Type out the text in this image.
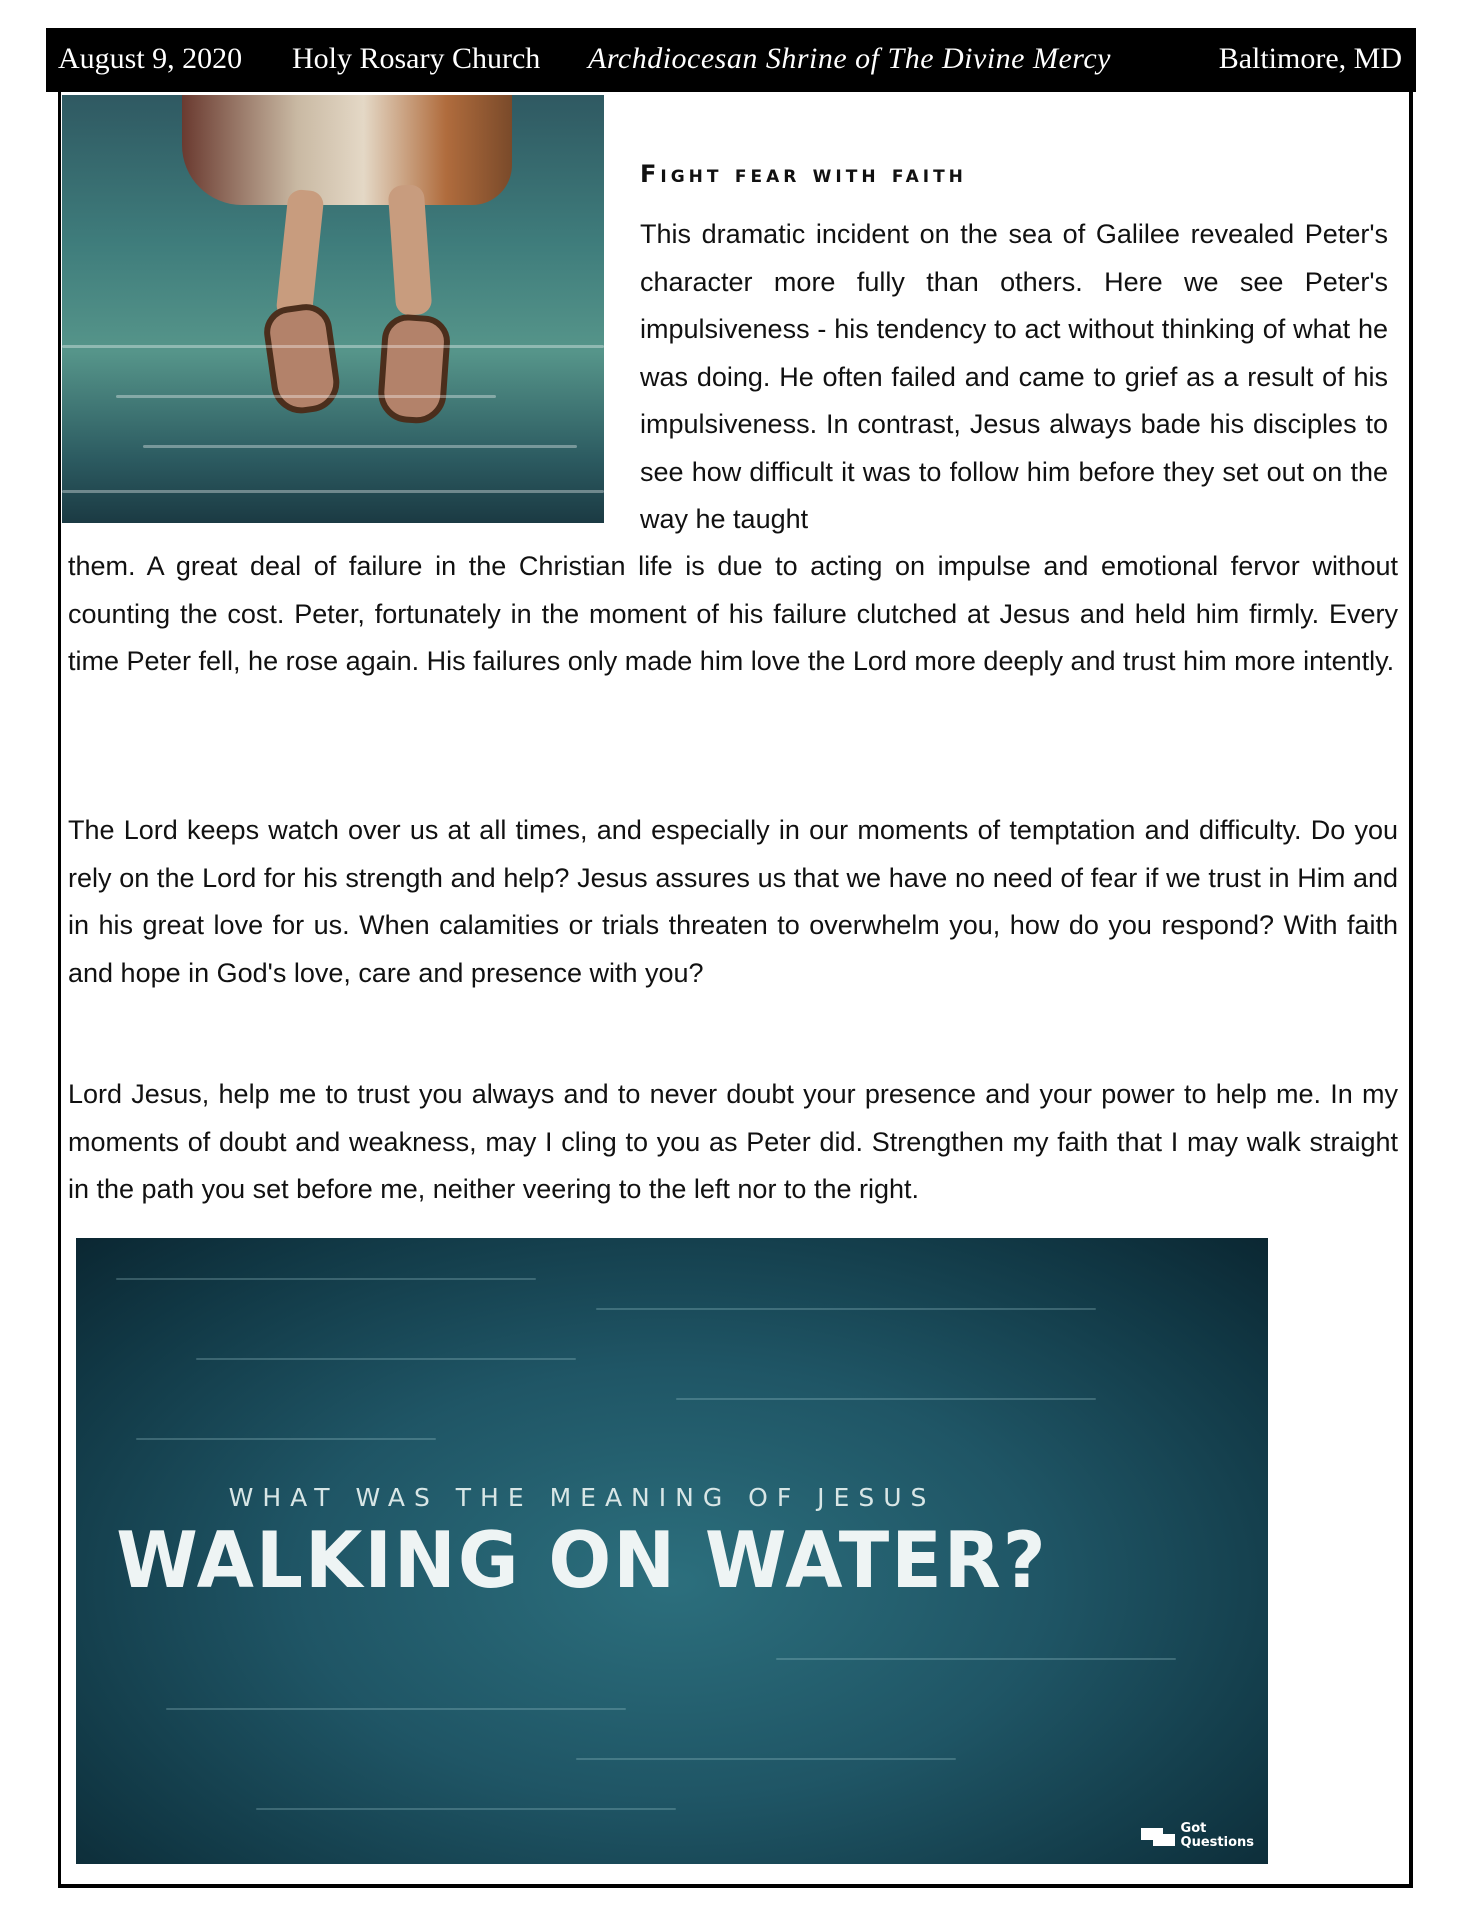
August 9, 2020 Holy Rosary Church Archdiocesan Shrine of The Divine Mercy	Baltimore, MD
Fight fear with faith
This dramatic incident on the sea of Galilee revealed Peter's character more fully than others. Here we see Peter's impulsiveness - his tendency to act without thinking of what he was doing. He often failed and came to grief as a result of his impulsiveness. In contrast, Jesus always bade his disciples to see how difficult it was to follow him before they set out on the way he taught
them. A great deal of failure in the Christian life is due to acting on impulse and emotional fervor without counting the cost. Peter, fortunately in the moment of his failure clutched at Jesus and held him firmly. Every time Peter fell, he rose again. His failures only made him love the Lord more deeply and trust him more intently.
The Lord keeps watch over us at all times, and especially in our moments of temptation and difficulty. Do you rely on the Lord for his strength and help? Jesus assures us that we have no need of fear if we trust in Him and in his great love for us. When calamities or trials threaten to overwhelm you, how do you respond? With faith and hope in God's love, care and presence with you?
Lord Jesus, help me to trust you always and to never doubt your presence and your power to help me. In my moments of doubt and weakness, may I cling to you as Peter did. Strengthen my faith that I may walk straight in the path you set before me, neither veering to the left nor to the right.
WHAT WAS THE MEANING OF JESUS
WALKING ON WATER?
Got
Questions
